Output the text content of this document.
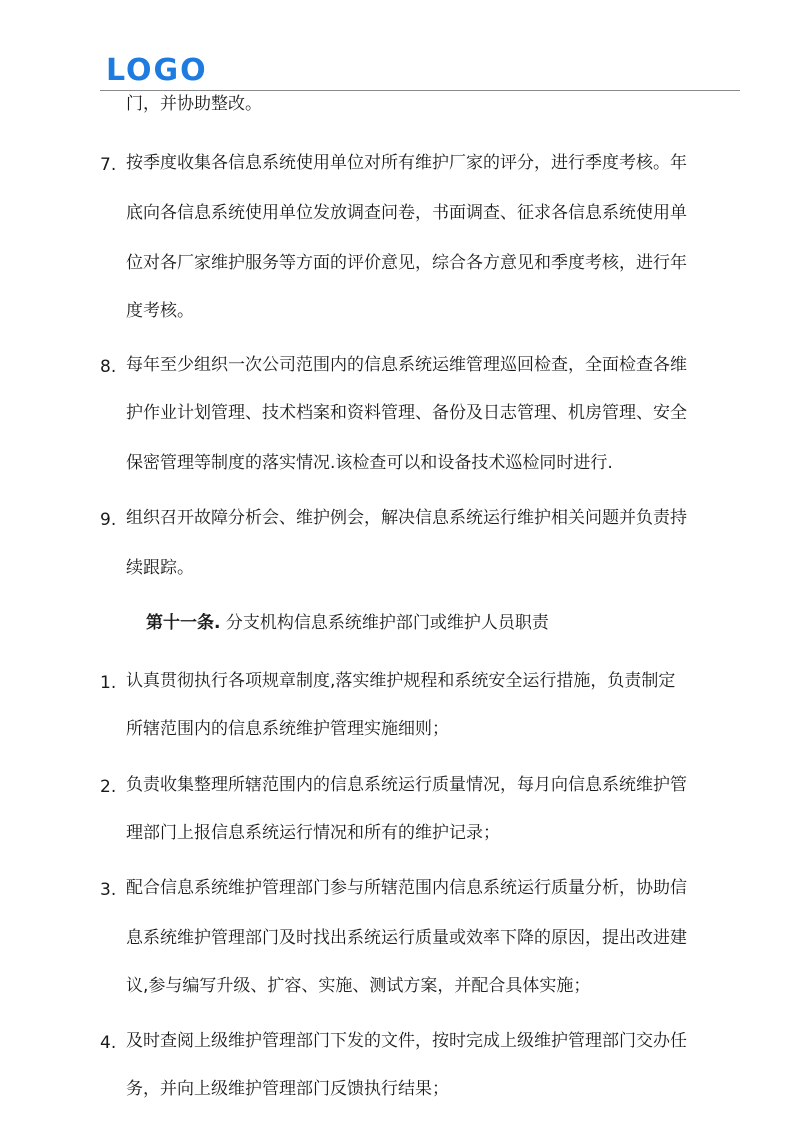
LOGO
门，并协助整改。
7. 按季度收集各信息系统使用单位对所有维护厂家的评分，进行季度考核。年
底向各信息系统使用单位发放调查问卷，书面调查、征求各信息系统使用单
位对各厂家维护服务等方面的评价意见，综合各方意见和季度考核，进行年
度考核。
8. 每年至少组织一次公司范围内的信息系统运维管理巡回检查，全面检查各维
护作业计划管理、技术档案和资料管理、备份及日志管理、机房管理、安全
保密管理等制度的落实情况.该检查可以和设备技术巡检同时进行.
9. 组织召开故障分析会、维护例会，解决信息系统运行维护相关问题并负责持
续跟踪。
第十一条. 分支机构信息系统维护部门或维护人员职责
1. 认真贯彻执行各项规章制度,落实维护规程和系统安全运行措施，负责制定
所辖范围内的信息系统维护管理实施细则；
2. 负责收集整理所辖范围内的信息系统运行质量情况，每月向信息系统维护管
理部门上报信息系统运行情况和所有的维护记录；
3. 配合信息系统维护管理部门参与所辖范围内信息系统运行质量分析，协助信
息系统维护管理部门及时找出系统运行质量或效率下降的原因，提出改进建
议,参与编写升级、扩容、实施、测试方案，并配合具体实施；
4. 及时查阅上级维护管理部门下发的文件，按时完成上级维护管理部门交办任
务，并向上级维护管理部门反馈执行结果；
